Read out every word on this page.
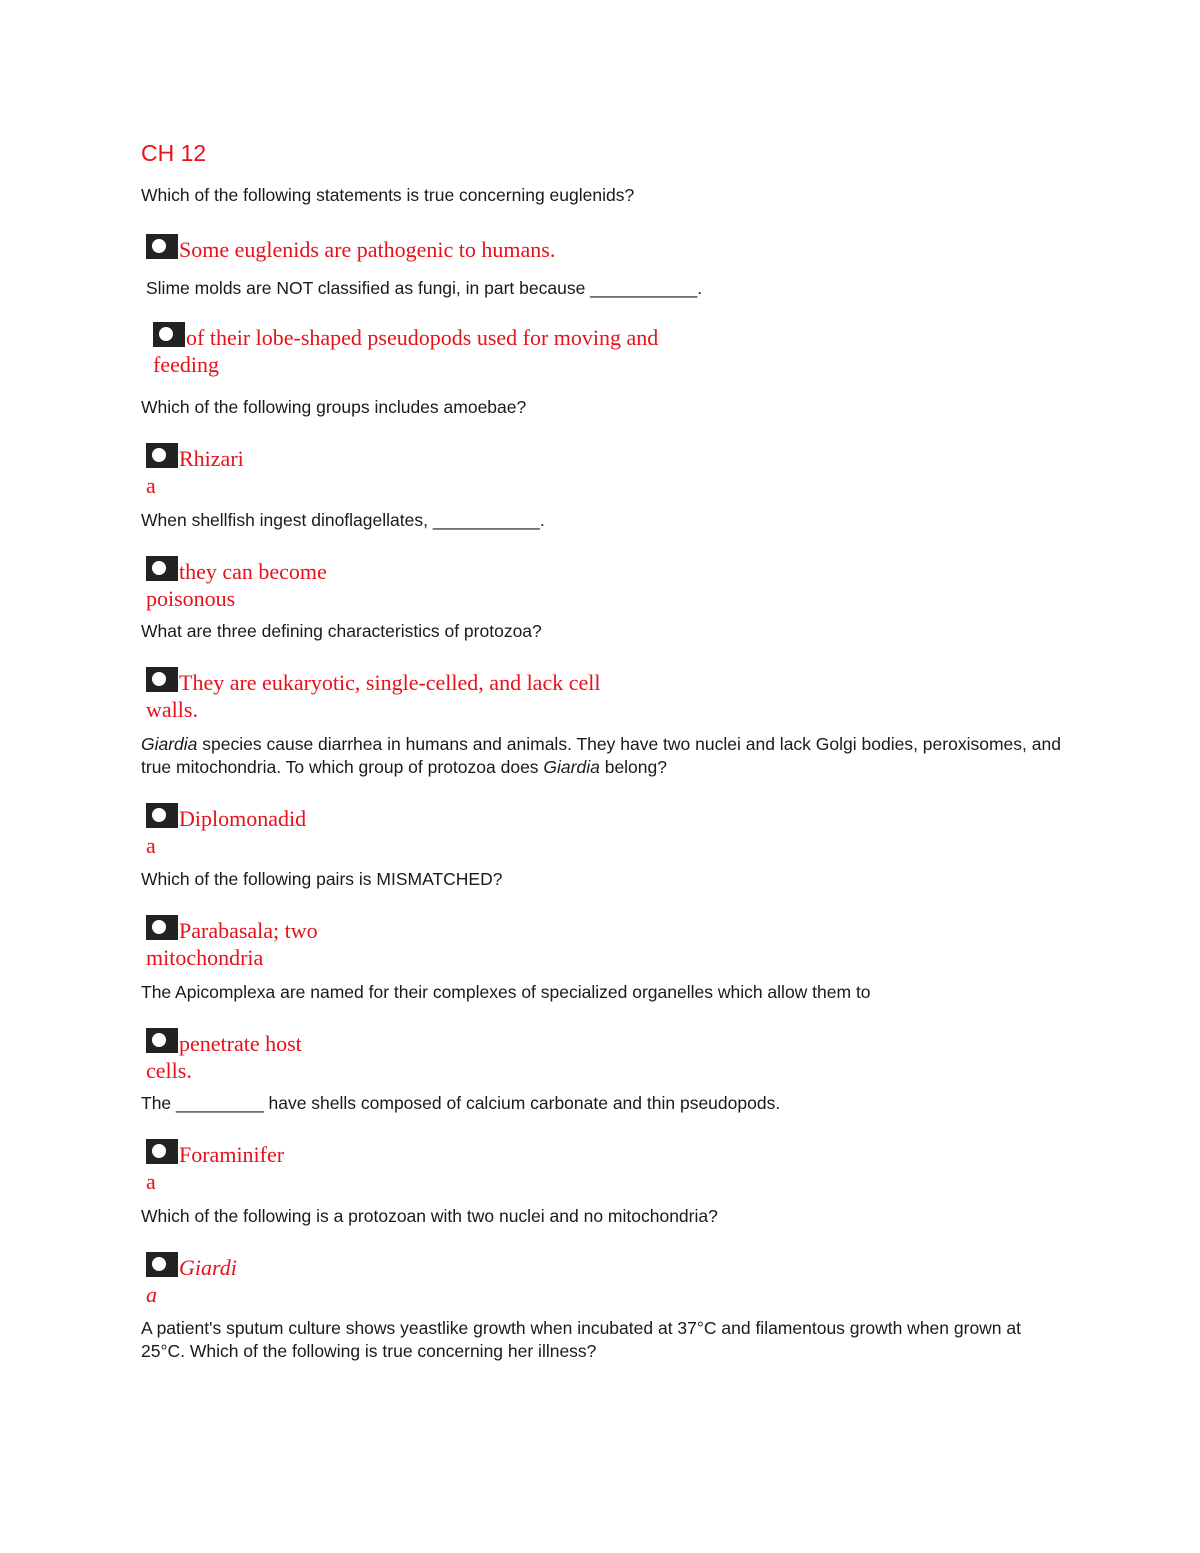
CH 12

Which of the following statements is true concerning euglenids?

Some euglenids are pathogenic to humans.

Slime molds are NOT classified as fungi, in part because ___________.

of their lobe-shaped pseudopods used for moving and
feeding

Which of the following groups includes amoebae?

Rhizari
a

When shellfish ingest dinoflagellates, ___________.

they can become
poisonous

What are three defining characteristics of protozoa?

They are eukaryotic, single-celled, and lack cell
walls.

Giardia species cause diarrhea in humans and animals. They have two nuclei and lack Golgi bodies, peroxisomes, and true mitochondria. To which group of protozoa does Giardia belong?

Diplomonadid
a

Which of the following pairs is MISMATCHED?

Parabasala; two
mitochondria

The Apicomplexa are named for their complexes of specialized organelles which allow them to

penetrate host
cells.

The _________ have shells composed of calcium carbonate and thin pseudopods.

Foraminifer
a

Which of the following is a protozoan with two nuclei and no mitochondria?

Giardi
a

A patient's sputum culture shows yeastlike growth when incubated at 37°C and filamentous growth when grown at 25°C. Which of the following is true concerning her illness?
